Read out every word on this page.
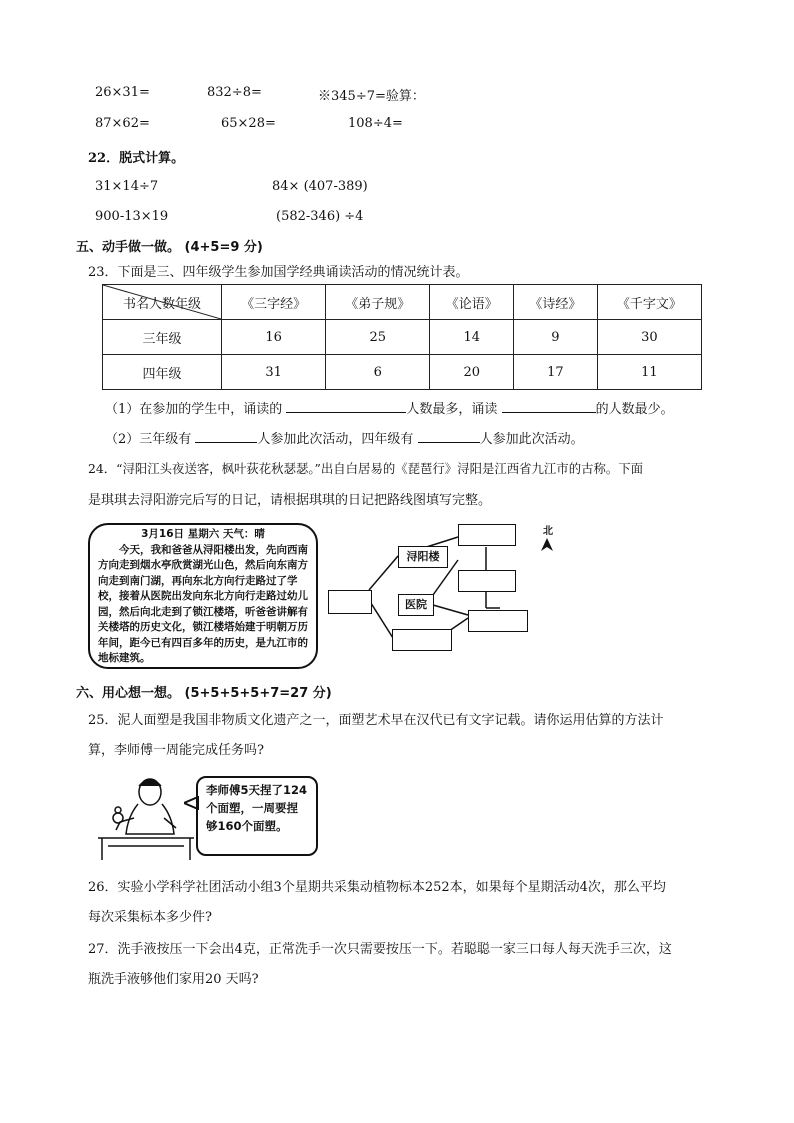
26×31=	832÷8=	※345÷7=验算：
87×62=	65×28=	108÷4=
22．脱式计算。
31×14÷7	84× (407-389)
900-13×19	(582-346) ÷4
五、动手做一做。 (4+5=9 分)
23．下面是三、四年级学生参加国学经典诵读活动的情况统计表。
书名人数年级	《三字经》	《弟子规》	《论语》	《诗经》	《千字文》
三年级	16	25	14	9	30
四年级	31	6	20	17	11
（1）在参加的学生中，诵读的	人数最多，诵读	的人数最少。
（2）三年级有	人参加此次活动，四年级有	人参加此次活动。
24．“浔阳江头夜送客，枫叶荻花秋瑟瑟。”出自白居易的《琵琶行》浔阳是江西省九江市的古称。下面
是琪琪去浔阳游完后写的日记，请根据琪琪的日记把路线图填写完整。
3月16日 星期六 天气：晴
今天，我和爸爸从浔阳楼出发，先向西南方向走到烟水亭欣赏湖光山色，然后向东南方向走到南门湖，再向东北方向行走路过了学校，接着从医院出发向东北方向行走路过幼儿园，然后向北走到了锁江楼塔，听爸爸讲解有关楼塔的历史文化，锁江楼塔始建于明朝万历年间，距今已有四百多年的历史，是九江市的地标建筑。
浔阳楼
医院
北
六、用心想一想。 (5+5+5+5+7=27 分)
25．泥人面塑是我国非物质文化遗产之一，面塑艺术早在汉代已有文字记载。请你运用估算的方法计
算，李师傅一周能完成任务吗?
李师傅5天捏了124个面塑，一周要捏够160个面塑。
26．实验小学科学社团活动小组3个星期共采集动植物标本252本，如果每个星期活动4次，那么平均
每次采集标本多少件?
27．洗手液按压一下会出4克，正常洗手一次只需要按压一下。若聪聪一家三口每人每天洗手三次，这
瓶洗手液够他们家用20 天吗?
